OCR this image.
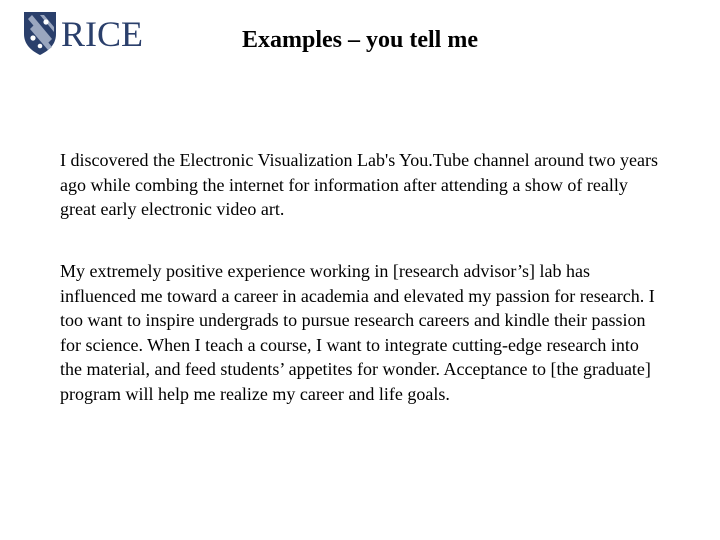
RICE	Examples – you tell me
I discovered the Electronic Visualization Lab's You.Tube channel around two years ago while combing the internet for information after attending a show of really great early electronic video art.
My extremely positive experience working in [research advisor’s] lab has influenced me toward a career in academia and elevated my passion for research. I too want to inspire undergrads to pursue research careers and kindle their passion for science. When I teach a course, I want to integrate cutting-edge research into the material, and feed students’ appetites for wonder. Acceptance to [the graduate] program will help me realize my career and life goals.
